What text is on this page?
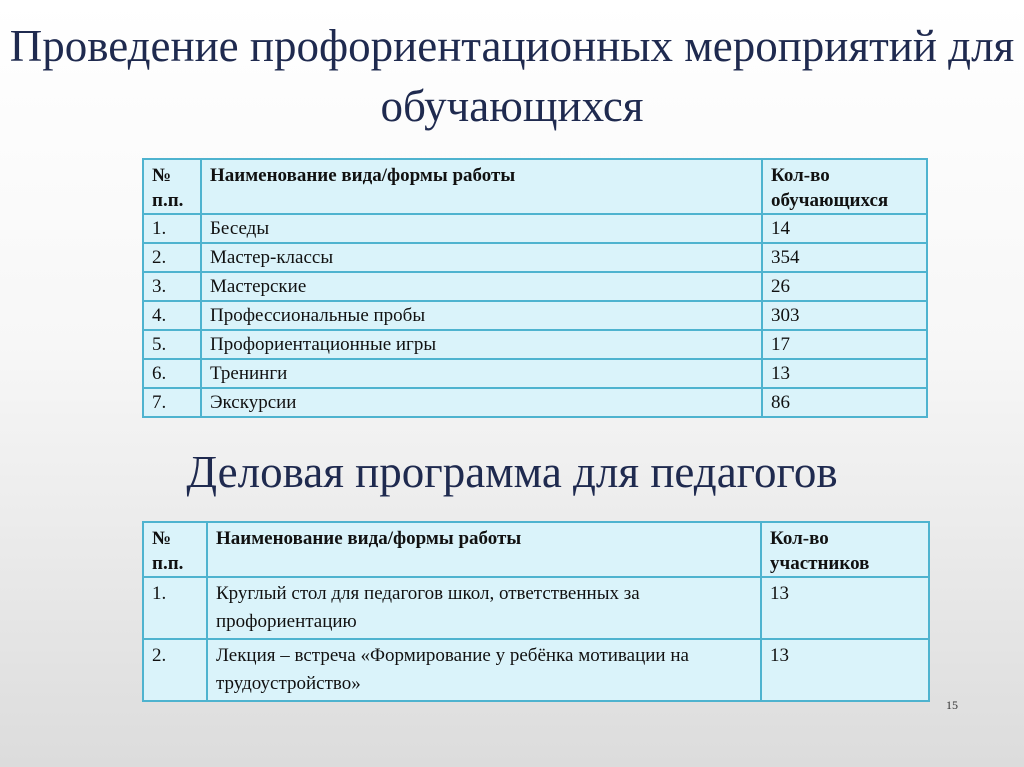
Проведение профориентационных мероприятий для обучающихся
№ п.п.	Наименование вида/формы работы	Кол-во обучающихся
1.	Беседы	14
2.	Мастер-классы	354
3.	Мастерские	26
4.	Профессиональные пробы	303
5.	Профориентационные игры	17
6.	Тренинги	13
7.	Экскурсии	86
Деловая программа для педагогов
№ п.п.	Наименование вида/формы работы	Кол-во участников
1.	Круглый стол для педагогов школ, ответственных за профориентацию	13
2.	Лекция – встреча «Формирование у ребёнка мотивации на трудоустройство»	13
15
